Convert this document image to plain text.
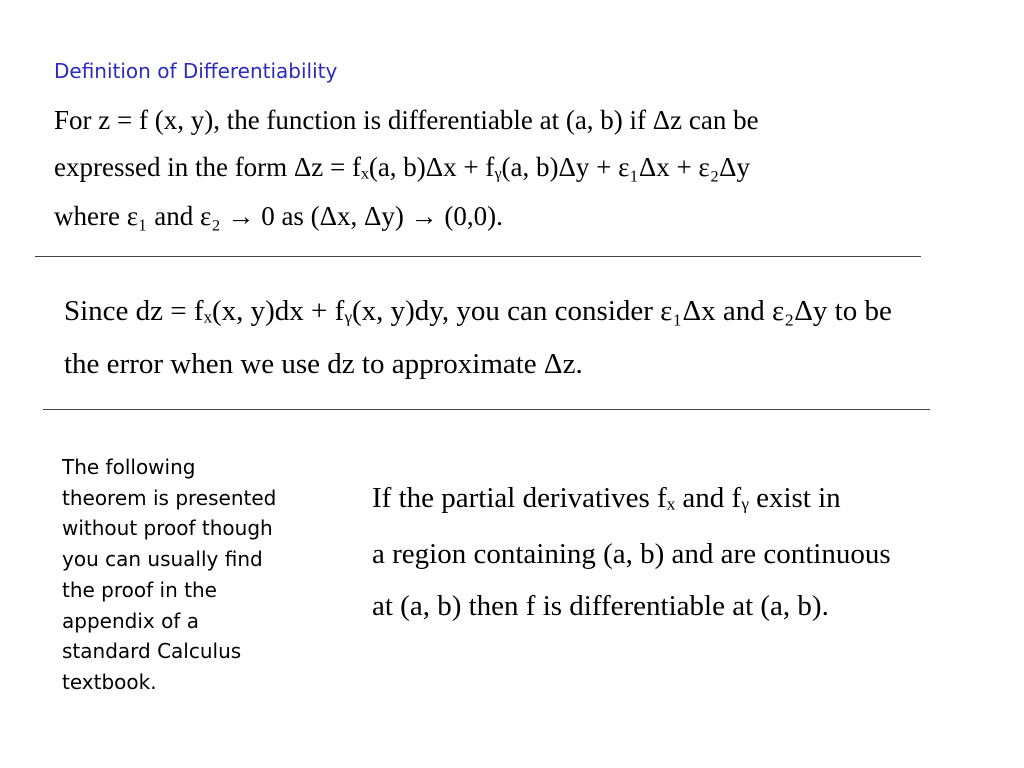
Definition of Differentiability
For z = f (x, y), the function is differentiable at (a, b) if Δz can be
expressed in the form Δz = fₓ(a, b)Δx + fᵧ(a, b)Δy + ε₁Δx + ε₂Δy
where ε₁ and ε₂ → 0 as (Δx, Δy) → (0,0).
Since dz = fₓ(x, y)dx + fᵧ(x, y)dy, you can consider ε₁Δx and ε₂Δy to be
the error when we use dz to approximate Δz.
The following
theorem is presented
without proof though
you can usually find
the proof in the
appendix of a
standard Calculus
textbook.
If the partial derivatives fₓ and fᵧ exist in
a region containing (a, b) and are continuous
at (a, b) then f is differentiable at (a, b).
